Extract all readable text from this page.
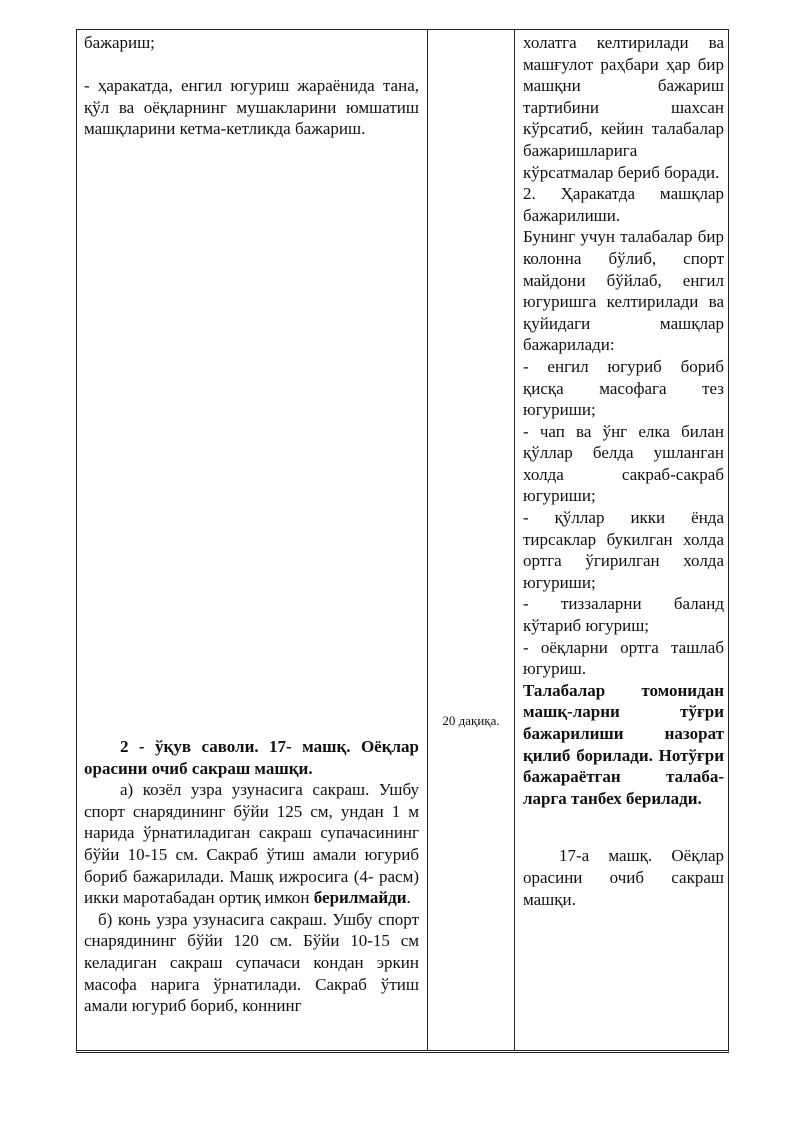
бажариш;
- ҳаракатда, енгил югуриш жараёнида тана, қўл ва оёқларнинг мушакларини юмшатиш машқларини кетма-кетликда бажариш.
2 - ўқув саволи. 17- машқ. Оёқлар орасини очиб сакраш машқи.
а) козёл узра узунасига сакраш. Ушбу спорт снарядининг бўйи 125 см, ундан 1 м нарида ўрнатиладиган сакраш супачасининг бўйи 10-15 см. Сакраб ўтиш амали югуриб бориб бажарилади. Машқ ижросига (4- расм) икки маротабадан ортиқ имкон берилмайди.
б) конь узра узунасига сакраш. Ушбу спорт снарядининг бўйи 120 см. Бўйи 10-15 см келадиган сакраш супачаси кондан эркин масофа нарига ўрнатилади. Сакраб ўтиш амали югуриб бориб, коннинг
20 дақиқа.
холатга келтирилади ва машғулот раҳбари ҳар бир машқни бажариш тартибини шахсан кўрсатиб, кейин талабалар бажаришларига кўрсатмалар бериб боради.
2. Ҳаракатда машқлар бажарилиши.
Бунинг учун талабалар бир колонна бўлиб, спорт майдони бўйлаб, енгил югуришга келтирилади ва қуйидаги машқлар бажарилади:
- енгил югуриб бориб қисқа масофага тез югуриши;
- чап ва ўнг елка билан қўллар белда ушланган холда сакраб-сакраб югуриши;
- қўллар икки ёнда тирсаклар букилган холда ортга ўгирилган холда югуриши;
- тиззаларни баланд кўтариб югуриш;
- оёқларни ортга ташлаб югуриш.
Талабалар томонидан машқ-ларни тўғри бажарилиши назорат қилиб борилади. Нотўғри бажараётган талаба-ларга танбех берилади.
17-а машқ. Оёқлар орасини очиб сакраш машқи.
